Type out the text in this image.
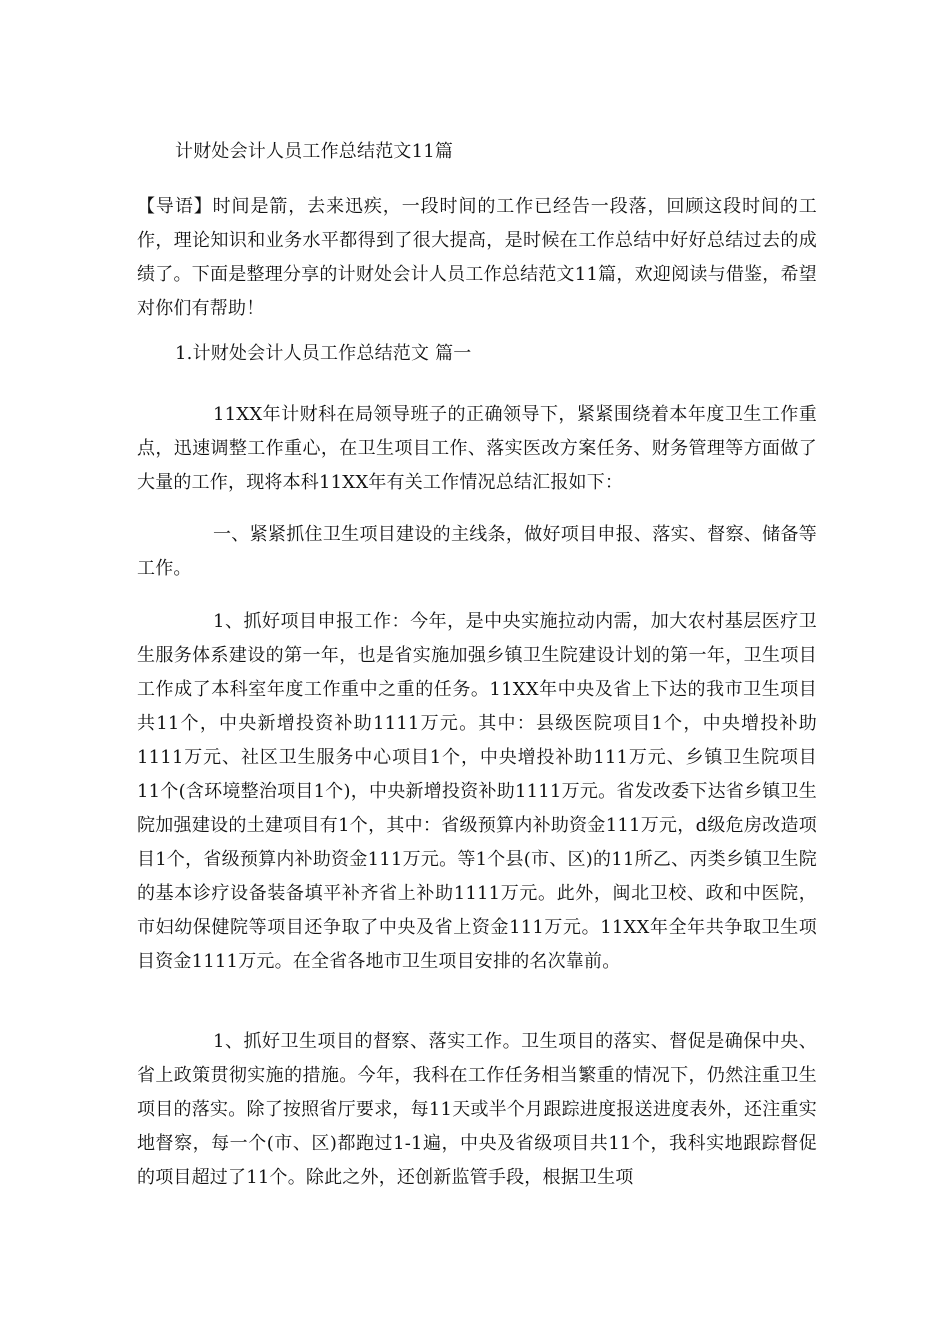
计财处会计人员工作总结范文11篇

【导语】时间是箭，去来迅疾，一段时间的工作已经告一段落，回顾这段时间的工作，理论知识和业务水平都得到了很大提高，是时候在工作总结中好好总结过去的成绩了。下面是整理分享的计财处会计人员工作总结范文11篇，欢迎阅读与借鉴，希望对你们有帮助！

1.计财处会计人员工作总结范文 篇一

11XX年计财科在局领导班子的正确领导下，紧紧围绕着本年度卫生工作重点，迅速调整工作重心，在卫生项目工作、落实医改方案任务、财务管理等方面做了大量的工作，现将本科11XX年有关工作情况总结汇报如下：

一、紧紧抓住卫生项目建设的主线条，做好项目申报、落实、督察、储备等工作。

1、抓好项目申报工作：今年，是中央实施拉动内需，加大农村基层医疗卫生服务体系建设的第一年，也是省实施加强乡镇卫生院建设计划的第一年，卫生项目工作成了本科室年度工作重中之重的任务。11XX年中央及省上下达的我市卫生项目共11个，中央新增投资补助1111万元。其中：县级医院项目1个，中央增投补助1111万元、社区卫生服务中心项目1个，中央增投补助111万元、乡镇卫生院项目11个(含环境整治项目1个)，中央新增投资补助1111万元。省发改委下达省乡镇卫生院加强建设的土建项目有1个，其中：省级预算内补助资金111万元，d级危房改造项目1个，省级预算内补助资金111万元。等1个县(市、区)的11所乙、丙类乡镇卫生院的基本诊疗设备装备填平补齐省上补助1111万元。此外，闽北卫校、政和中医院，市妇幼保健院等项目还争取了中央及省上资金111万元。11XX年全年共争取卫生项目资金1111万元。在全省各地市卫生项目安排的名次靠前。

1、抓好卫生项目的督察、落实工作。卫生项目的落实、督促是确保中央、省上政策贯彻实施的措施。今年，我科在工作任务相当繁重的情况下，仍然注重卫生项目的落实。除了按照省厅要求，每11天或半个月跟踪进度报送进度表外，还注重实地督察，每一个(市、区)都跑过1-1遍，中央及省级项目共11个，我科实地跟踪督促的项目超过了11个。除此之外，还创新监管手段，根据卫生项
